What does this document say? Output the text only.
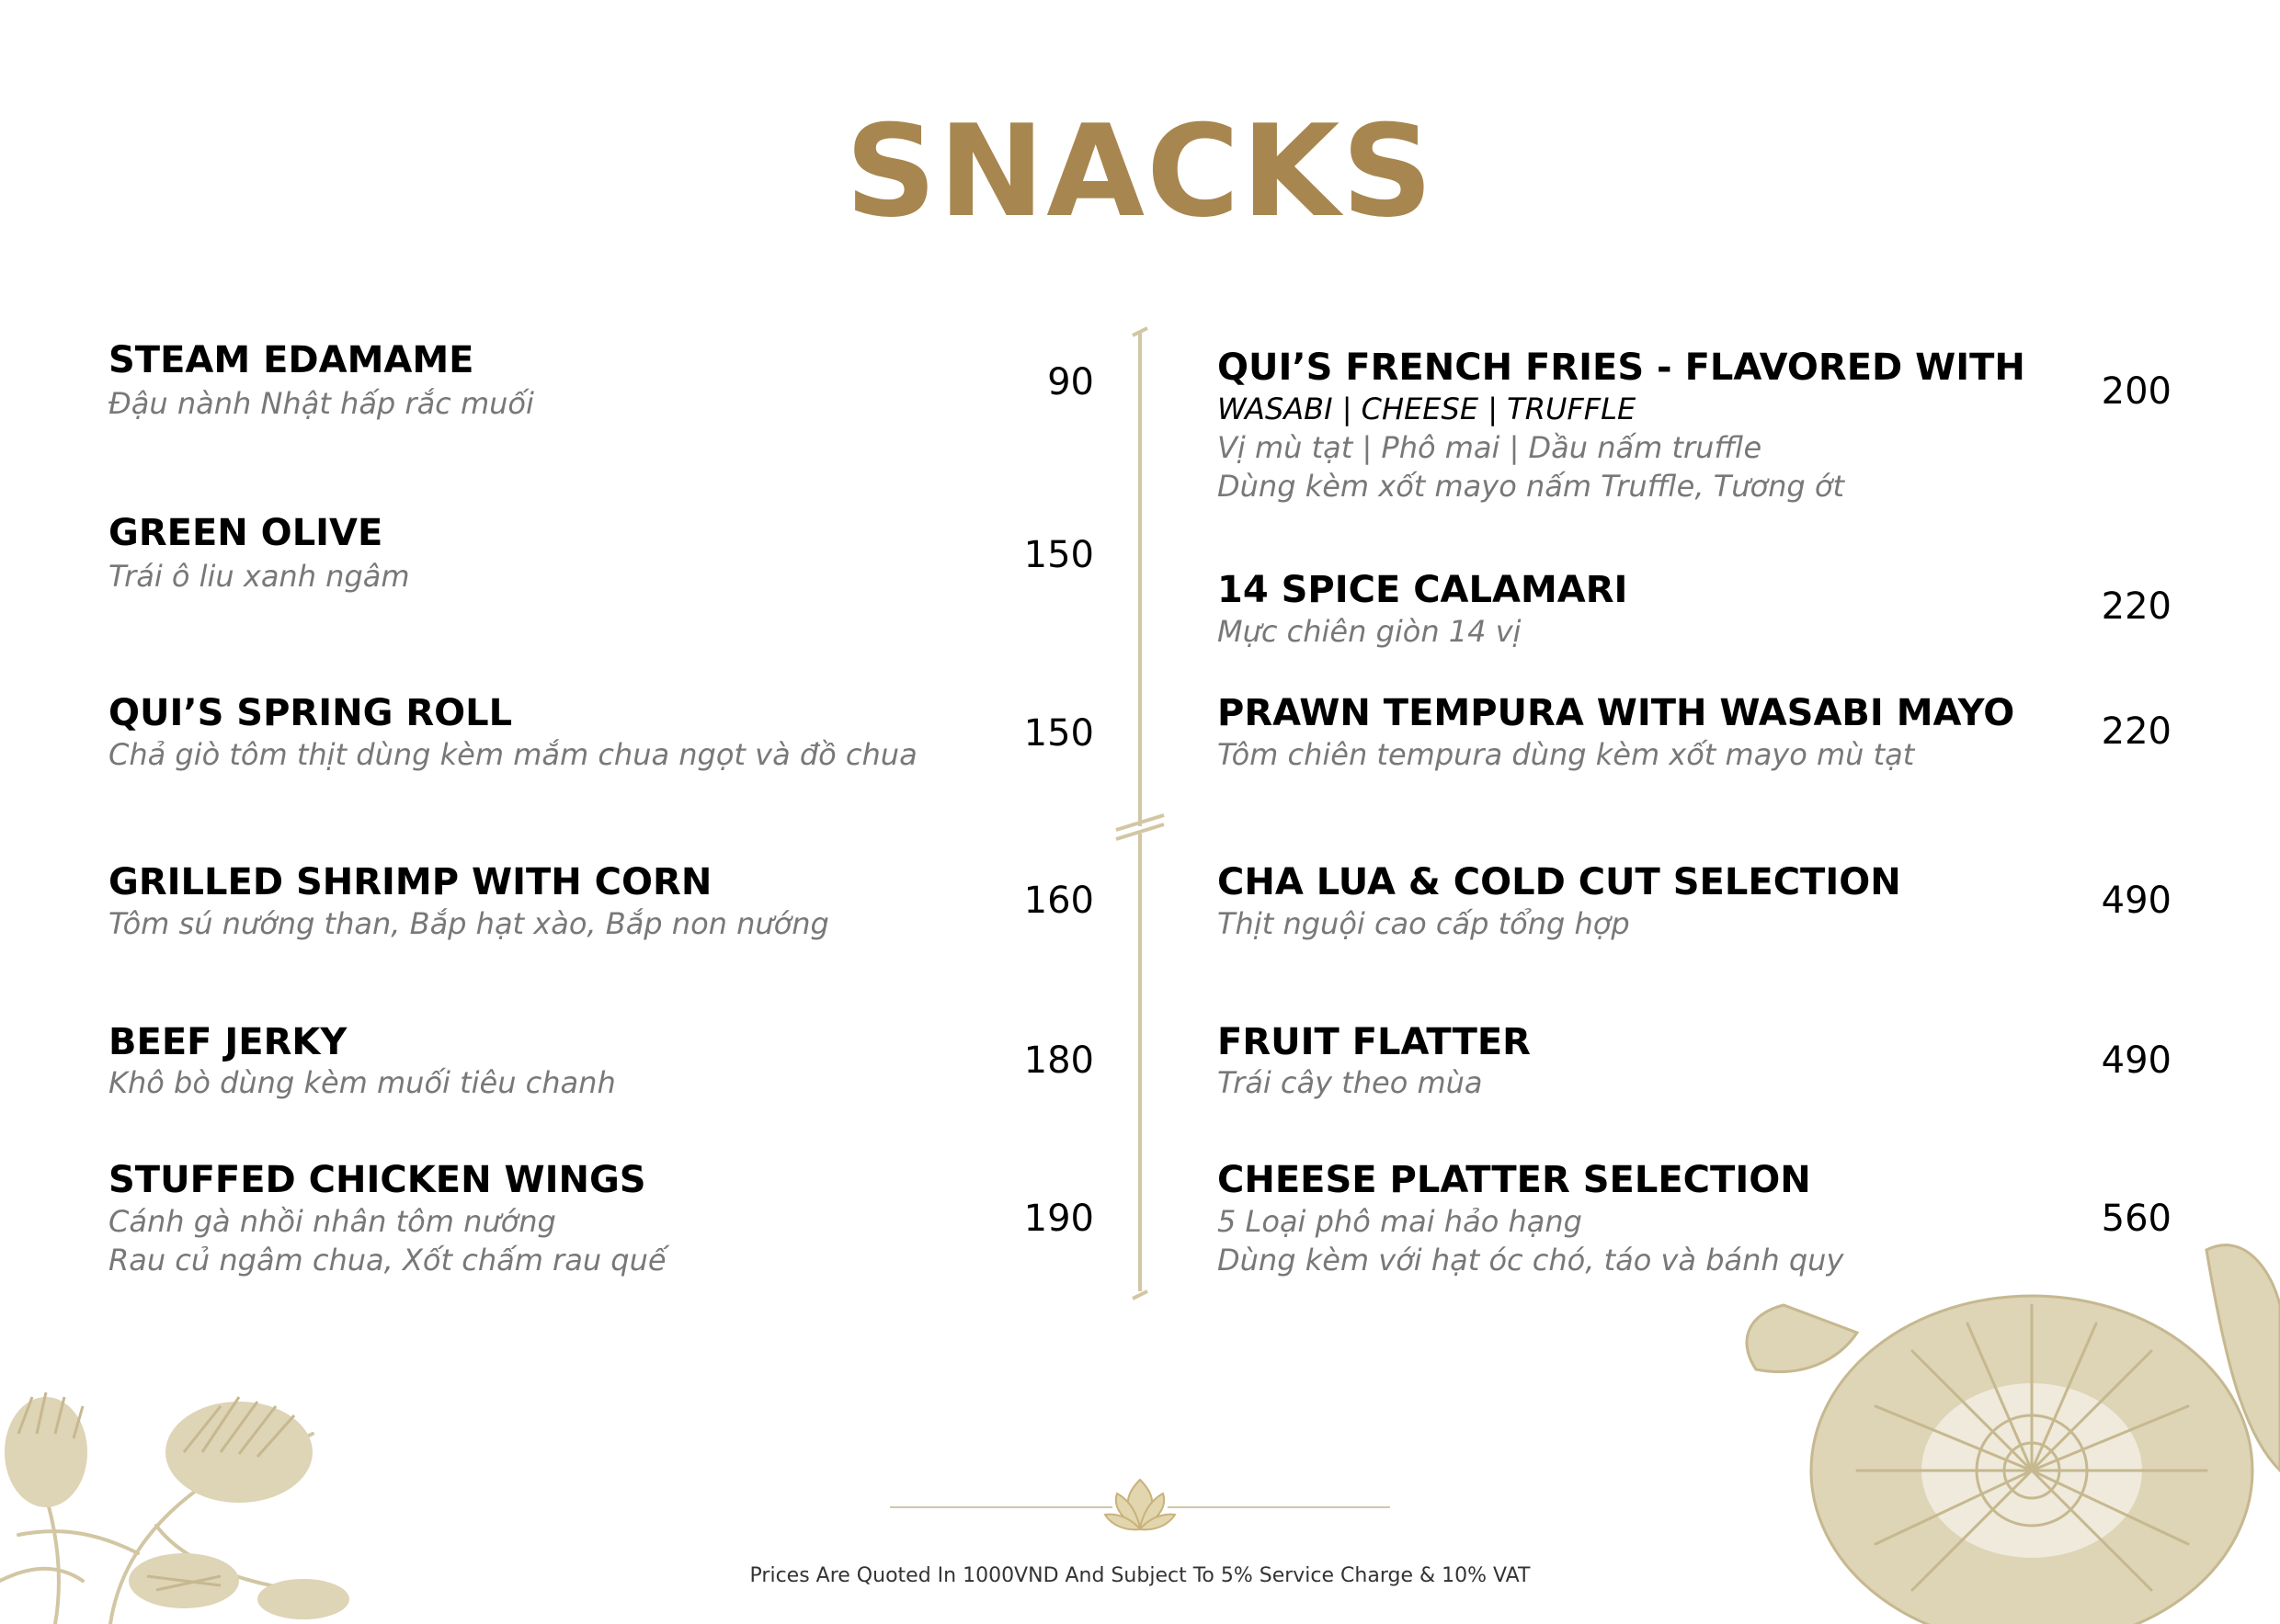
SNACKS
STEAM EDAMAME
Đậu nành Nhật hấp rắc muối	90
GREEN OLIVE
Trái ô liu xanh ngâm	150
QUI’S SPRING ROLL
Chả giò tôm thịt dùng kèm mắm chua ngọt và đồ chua	150
GRILLED SHRIMP WITH CORN
Tôm sú nướng than, Bắp hạt xào, Bắp non nướng
160
BEEF JERKY
Khô bò dùng kèm muối tiêu chanh
180
STUFFED CHICKEN WINGS
Cánh gà nhồi nhân tôm nướng
Rau củ ngâm chua, Xốt chấm rau quế
190
QUI’S FRENCH FRIES - FLAVORED WITH
WASABI | CHEESE | TRUFFLE
Vị mù tạt | Phô mai | Dầu nấm truffle
Dùng kèm xốt mayo nấm Truffle, Tương ớt
200
14 SPICE CALAMARI
Mực chiên giòn 14 vị
220
PRAWN TEMPURA WITH WASABI MAYO
Tôm chiên tempura dùng kèm xốt mayo mù tạt
220
CHA LUA & COLD CUT SELECTION
Thịt nguội cao cấp tổng hợp
490
FRUIT FLATTER
Trái cây theo mùa
490
CHEESE PLATTER SELECTION
5 Loại phô mai hảo hạng
Dùng kèm với hạt óc chó, táo và bánh quy
560
Prices Are Quoted In 1000VND And Subject To 5% Service Charge & 10% VAT
